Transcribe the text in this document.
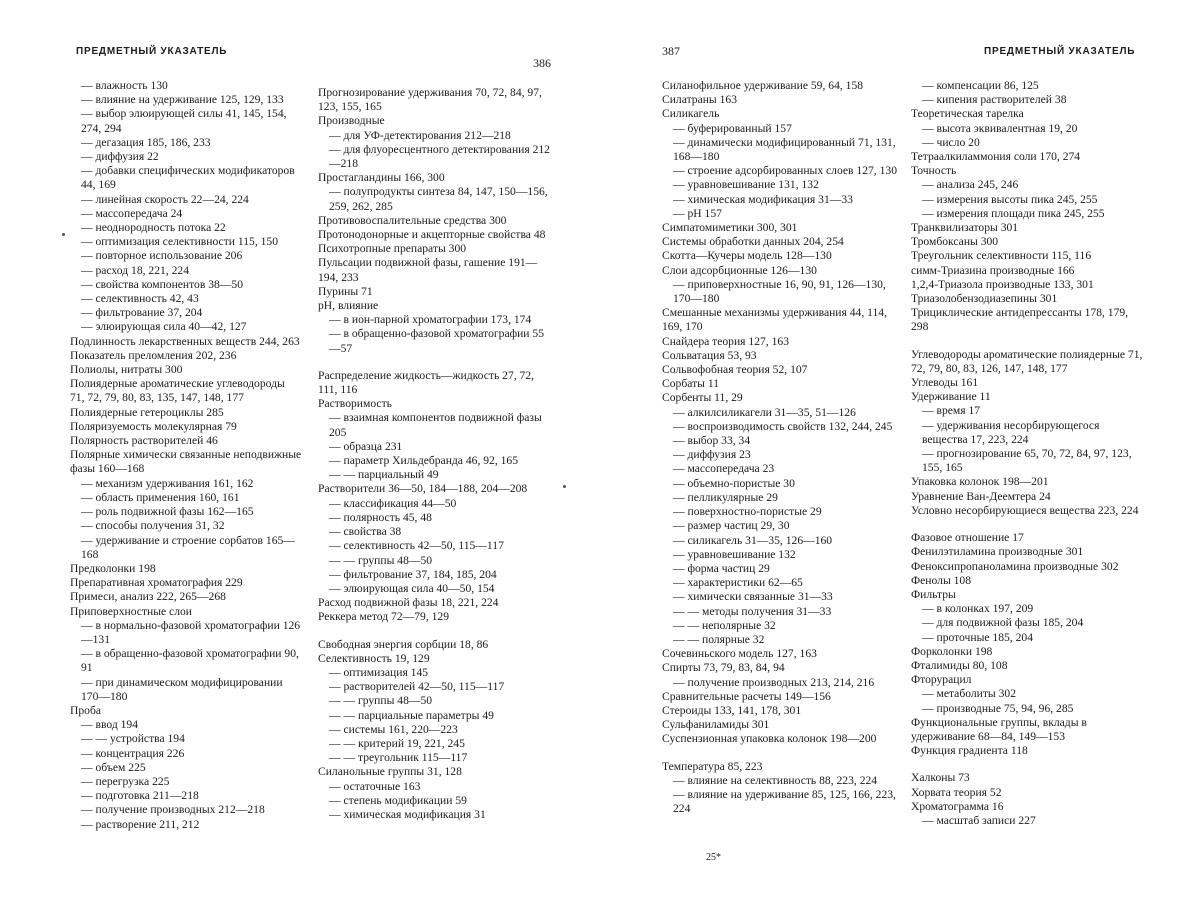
ПРЕДМЕТНЫЙ УКАЗАТЕЛЬ
386

— влажность 130

— влияние на удерживание 125, 129, 133

— выбор элюирующей силы 41, 145, 154, 274, 294

— дегазация 185, 186, 233

— диффузия 22

— добавки специфических модификаторов 44, 169

— линейная скорость 22—24, 224

— массопередача 24

— неоднородность потока 22

— оптимизация селективности 115, 150

— повторное использование 206

— расход 18, 221, 224

— свойства компонентов 38—50

— селективность 42, 43

— фильтрование 37, 204

— элюирующая сила 40—42, 127

Подлинность лекарственных веществ 244, 263

Показатель преломления 202, 236

Полиолы, нитраты 300

Полиядерные ароматические углеводороды 71, 72, 79, 80, 83, 135, 147, 148, 177

Полиядерные гетероциклы 285

Поляризуемость молекулярная 79

Полярность растворителей 46

Полярные химически связанные неподвижные фазы 160—168

— механизм удерживания 161, 162

— область применения 160, 161

— роль подвижной фазы 162—165

— способы получения 31, 32

— удерживание и строение сорбатов 165—168

Предколонки 198

Препаративная хроматография 229

Примеси, анализ 222, 265—268

Приповерхностные слои

— в нормально-фазовой хроматографии 126—131

— в обращенно-фазовой хроматографии 90, 91

— при динамическом модифицировании 170—180

Проба

— ввод 194

— — устройства 194

— концентрация 226

— объем 225

— перегрузка 225

— подготовка 211—218

— получение производных 212—218

— растворение 211, 212

Прогнозирование удерживания 70, 72, 84, 97, 123, 155, 165

Производные

— для УФ-детектирования 212—218

— для флуоресцентного детектирования 212—218

Простагландины 166, 300

— полупродукты синтеза 84, 147, 150—156, 259, 262, 285

Противовоспалительные средства 300

Протонодонорные и акцепторные свойства 48

Психотропные препараты 300

Пульсации подвижной фазы, гашение 191—194, 233

Пурины 71

pH, влияние

— в ион-парной хроматографии 173, 174

— в обращенно-фазовой хроматографии 55—57

Распределение жидкость—жидкость 27, 72, 111, 116

Растворимость

— взаимная компонентов подвижной фазы 205

— образца 231

— параметр Хильдебранда 46, 92, 165

— — парциальный 49

Растворители 36—50, 184—188, 204—208

— классификация 44—50

— полярность 45, 48

— свойства 38

— селективность 42—50, 115—117

— — группы 48—50

— фильтрование 37, 184, 185, 204

— элюирующая сила 40—50, 154

Расход подвижной фазы 18, 221, 224

Реккера метод 72—79, 129

Свободная энергия сорбции 18, 86

Селективность 19, 129

— оптимизация 145

— растворителей 42—50, 115—117

— — группы 48—50

— — парциальные параметры 49

— системы 161, 220—223

— — критерий 19, 221, 245

— — треугольник 115—117

Силанольные группы 31, 128

— остаточные 163

— степень модификации 59

— химическая модификация 31

387	ПРЕДМЕТНЫЙ УКАЗАТЕЛЬ

Силанофильное удерживание 59, 64, 158

Силатраны 163

Силикагель

— буферированный 157

— динамически модифицированный 71, 131, 168—180

— строение адсорбированных слоев 127, 130

— уравновешивание 131, 132

— химическая модификация 31—33

— pH 157

Симпатомиметики 300, 301

Системы обработки данных 204, 254

Скотта—Кучеры модель 128—130

Слои адсорбционные 126—130

— приповерхностные 16, 90, 91, 126—130, 170—180

Смешанные механизмы удерживания 44, 114, 169, 170

Снайдера теория 127, 163

Сольватация 53, 93

Сольвофобная теория 52, 107

Сорбаты 11

Сорбенты 11, 29

— алкилсиликагели 31—35, 51—126

— воспроизводимость свойств 132, 244, 245

— выбор 33, 34

— диффузия 23

— массопередача 23

— объемно-пористые 30

— пелликулярные 29

— поверхностно-пористые 29

— размер частиц 29, 30

— силикагель 31—35, 126—160

— уравновешивание 132

— форма частиц 29

— характеристики 62—65

— химически связанные 31—33

— — методы получения 31—33

— — неполярные 32

— — полярные 32

Сочевиньского модель 127, 163

Спирты 73, 79, 83, 84, 94

— получение производных 213, 214, 216

Сравнительные расчеты 149—156

Стероиды 133, 141, 178, 301

Сульфаниламиды 301

Суспензионная упаковка колонок 198—200

Температура 85, 223

— влияние на селективность 88, 223, 224

— влияние на удерживание 85, 125, 166, 223, 224

— компенсации 86, 125

— кипения растворителей 38

Теоретическая тарелка

— высота эквивалентная 19, 20

— число 20

Тетраалкиламмония соли 170, 274

Точность

— анализа 245, 246

— измерения высоты пика 245, 255

— измерения площади пика 245, 255

Транквилизаторы 301

Тромбоксаны 300

Треугольник селективности 115, 116

симм-Триазина производные 166

1,2,4-Триазола производные 133, 301

Триазолобензодиазепины 301

Трициклические антидепрессанты 178, 179, 298

Углеводороды ароматические полиядерные 71, 72, 79, 80, 83, 126, 147, 148, 177

Углеводы 161

Удерживание 11

— время 17

— удерживания несорбирующегося вещества 17, 223, 224

— прогнозирование 65, 70, 72, 84, 97, 123, 155, 165

Упаковка колонок 198—201

Уравнение Ван-Деемтера 24

Условно несорбирующиеся вещества 223, 224

Фазовое отношение 17

Фенилэтиламина производные 301

Феноксипропаноламина производные 302

Фенолы 108

Фильтры

— в колонках 197, 209

— для подвижной фазы 185, 204

— проточные 185, 204

Форколонки 198

Фталимиды 80, 108

Фторурацил

— метаболиты 302

— производные 75, 94, 96, 285

Функциональные группы, вклады в удерживание 68—84, 149—153

Функция градиента 118

Халконы 73

Хорвата теория 52

Хроматограмма 16

— масштаб записи 227

25*
